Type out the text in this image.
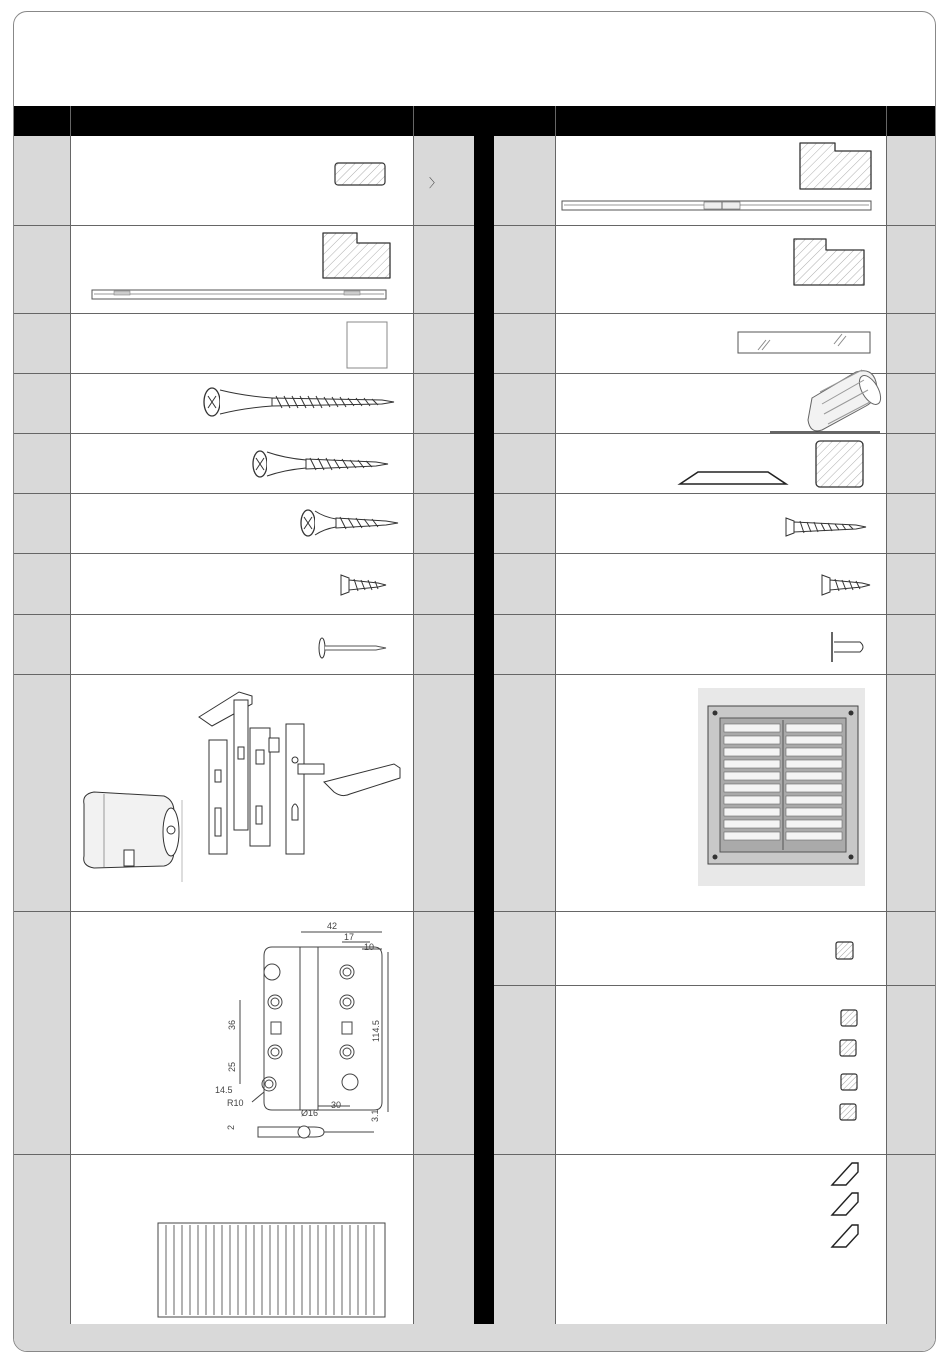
〉
42
17
10
36
25
14.5
R10
114.5
Ø16
30
3.1
2
